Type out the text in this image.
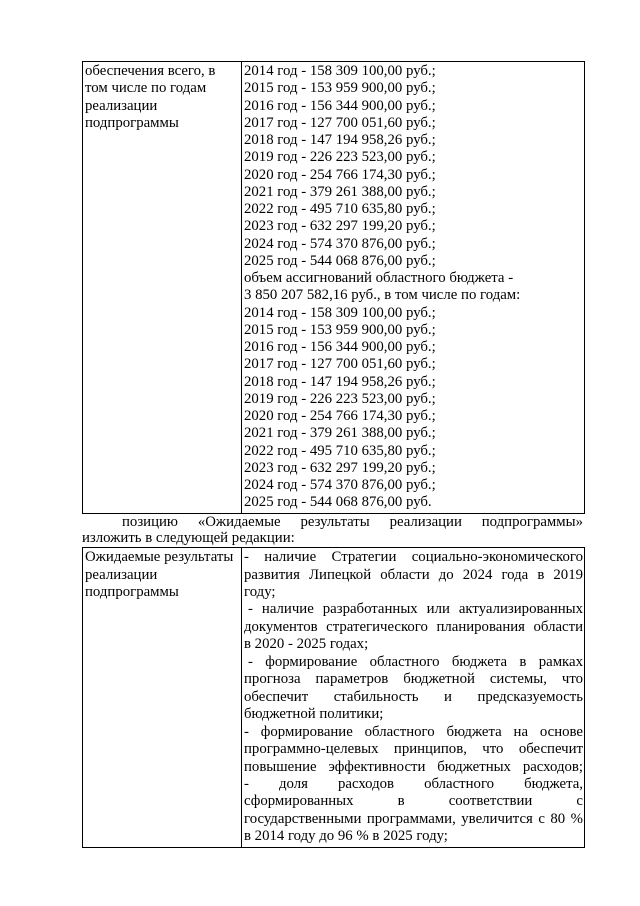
обеспечения всего, в
том числе по годам
реализации
подпрограммы

2014 год - 158 309 100,00 руб.;
2015 год - 153 959 900,00 руб.;
2016 год - 156 344 900,00 руб.;
2017 год - 127 700 051,60 руб.;
2018 год - 147 194 958,26 руб.;
2019 год - 226 223 523,00 руб.;
2020 год - 254 766 174,30 руб.;
2021 год - 379 261 388,00 руб.;
2022 год - 495 710 635,80 руб.;
2023 год - 632 297 199,20 руб.;
2024 год - 574 370 876,00 руб.;
2025 год - 544 068 876,00 руб.;
объем ассигнований областного бюджета -
3 850 207 582,16 руб., в том числе по годам:
2014 год - 158 309 100,00 руб.;
2015 год - 153 959 900,00 руб.;
2016 год - 156 344 900,00 руб.;
2017 год - 127 700 051,60 руб.;
2018 год - 147 194 958,26 руб.;
2019 год - 226 223 523,00 руб.;
2020 год - 254 766 174,30 руб.;
2021 год - 379 261 388,00 руб.;
2022 год - 495 710 635,80 руб.;
2023 год - 632 297 199,20 руб.;
2024 год - 574 370 876,00 руб.;
2025 год - 544 068 876,00 руб.
позицию «Ожидаемые результаты реализации подпрограммы»
изложить в следующей редакции:
Ожидаемые результаты
реализации
подпрограммы

- наличие Стратегии социально-экономического
развития Липецкой области до 2024 года в 2019
году;
- наличие разработанных или актуализированных
документов стратегического планирования области
в 2020 - 2025 годах;
- формирование областного бюджета в рамках
прогноза параметров бюджетной системы, что
обеспечит стабильность и предсказуемость
бюджетной политики;
- формирование областного бюджета на основе
программно-целевых принципов, что обеспечит
повышение эффективности бюджетных расходов;
- доля расходов областного бюджета,
сформированных в соответствии с
государственными программами, увеличится с 80 %
в 2014 году до 96 % в 2025 году;
